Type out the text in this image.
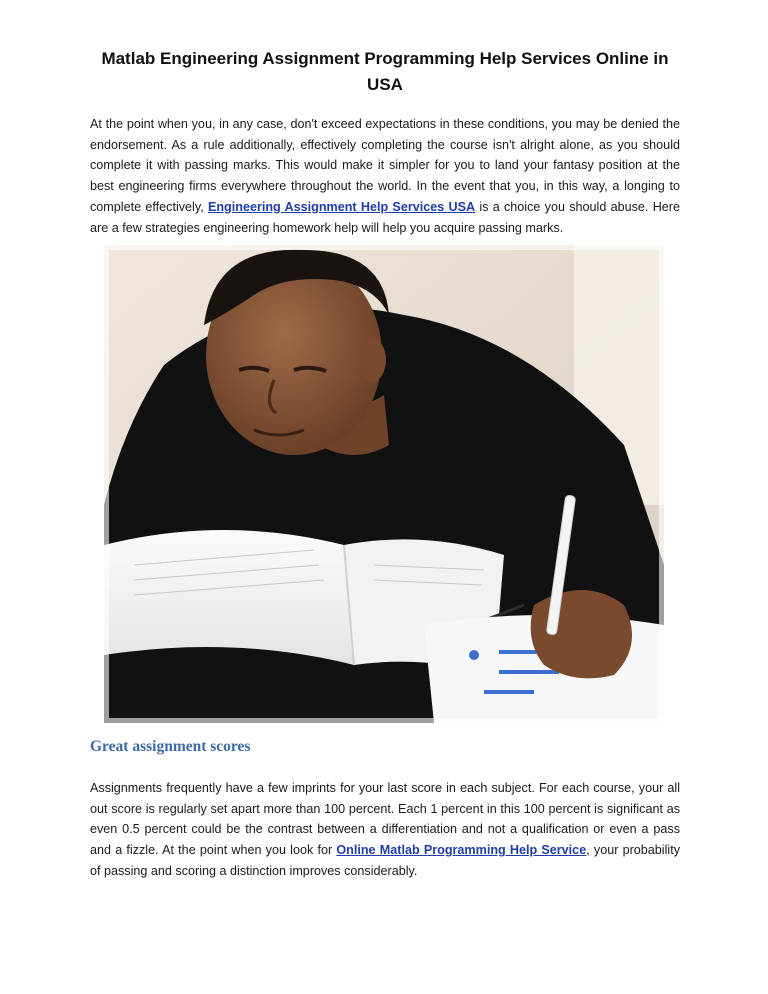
Matlab Engineering Assignment Programming Help Services Online in USA

At the point when you, in any case, don't exceed expectations in these conditions, you may be denied the endorsement. As a rule additionally, effectively completing the course isn't alright alone, as you should complete it with passing marks. This would make it simpler for you to land your fantasy position at the best engineering firms everywhere throughout the world. In the event that you, in this way, a longing to complete effectively, Engineering Assignment Help Services USA is a choice you should abuse. Here are a few strategies engineering homework help will help you acquire passing marks.

Great assignment scores

Assignments frequently have a few imprints for your last score in each subject. For each course, your all out score is regularly set apart more than 100 percent. Each 1 percent in this 100 percent is significant as even 0.5 percent could be the contrast between a differentiation and not a qualification or even a pass and a fizzle. At the point when you look for Online Matlab Programming Help Service, your probability of passing and scoring a distinction improves considerably.
